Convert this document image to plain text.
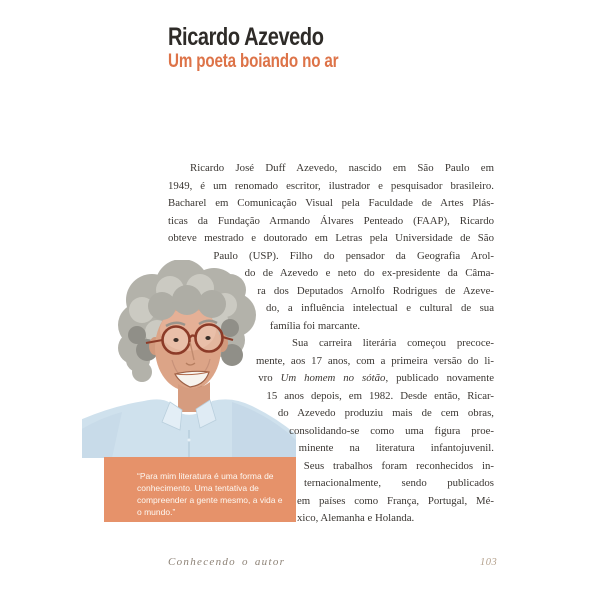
Ricardo Azevedo
Um poeta boiando no ar

“Para mim literatura é uma forma de conhecimento. Uma tentativa de compreender a gente mesmo, a vida e o mundo.”

Ricardo José Duff Azevedo, nascido em São Paulo em
1949, é um renomado escritor, ilustrador e pesquisador brasileiro.
Bacharel em Comunicação Visual pela Faculdade de Artes Plás-
ticas da Fundação Armando Álvares Penteado (FAAP), Ricardo
obteve mestrado e doutorado em Letras pela Universidade de São
Paulo (USP). Filho do pensador da Geografia Arol-
do de Azevedo e neto do ex-presidente da Câma-
ra dos Deputados Arnolfo Rodrigues de Azeve-
do, a influência intelectual e cultural de sua
família foi marcante.
Sua carreira literária começou precoce-
mente, aos 17 anos, com a primeira versão do li-
vro Um homem no sótão, publicado novamente
15 anos depois, em 1982. Desde então, Ricar-
do Azevedo produziu mais de cem obras,
consolidando-se como uma figura proe-
minente na literatura infantojuvenil.
Seus trabalhos foram reconhecidos in-
ternacionalmente, sendo publicados
em países como França, Portugal, Mé-
xico, Alemanha e Holanda.

Conhecendo o autor	103
